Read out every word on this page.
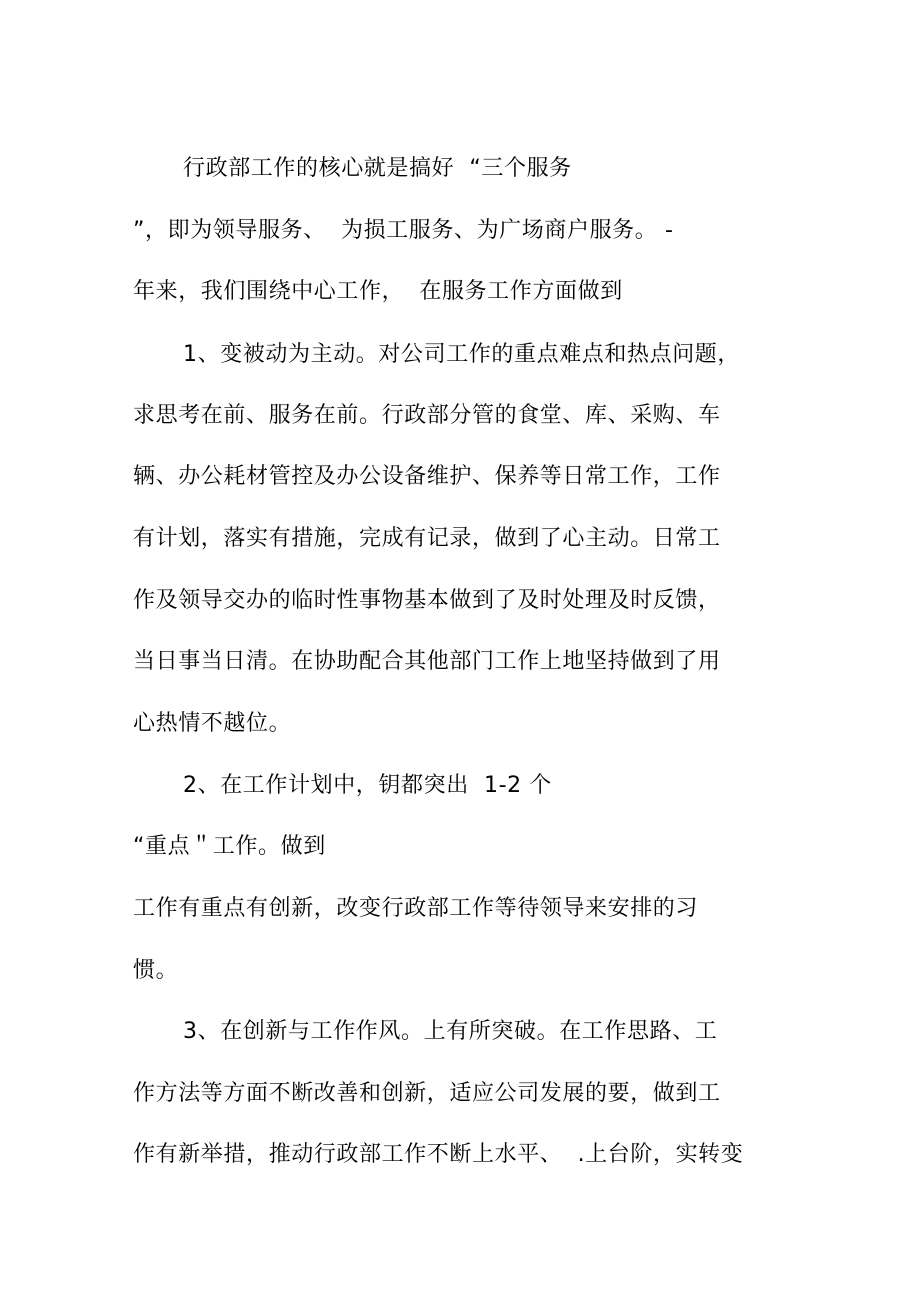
行政部工作的核心就是搞好  “三个服务
”，即为领导服务、  为损工服务、为广场商户服务。 -
年来，我们围绕中心工作，  在服务工作方面做到
1、变被动为主动。对公司工作的重点难点和热点问题，
求思考在前、服务在前。行政部分管的食堂、库、采购、车
辆、办公耗材管控及办公设备维护、保养等日常工作，工作
有计划，落实有措施，完成有记录，做到了心主动。日常工
作及领导交办的临时性事物基本做到了及时处理及时反馈，
当日事当日清。在协助配合其他部门工作上地坚持做到了用
心热情不越位。
2、在工作计划中，钥都突出  1-2 个
“重点＂工作。做到
工作有重点有创新，改变行政部工作等待领导来安排的习
惯。
3、在创新与工作作风。上有所突破。在工作思路、工
作方法等方面不断改善和创新，适应公司发展的要，做到工
作有新举措，推动行政部工作不断上水平、  .上台阶，实转变
